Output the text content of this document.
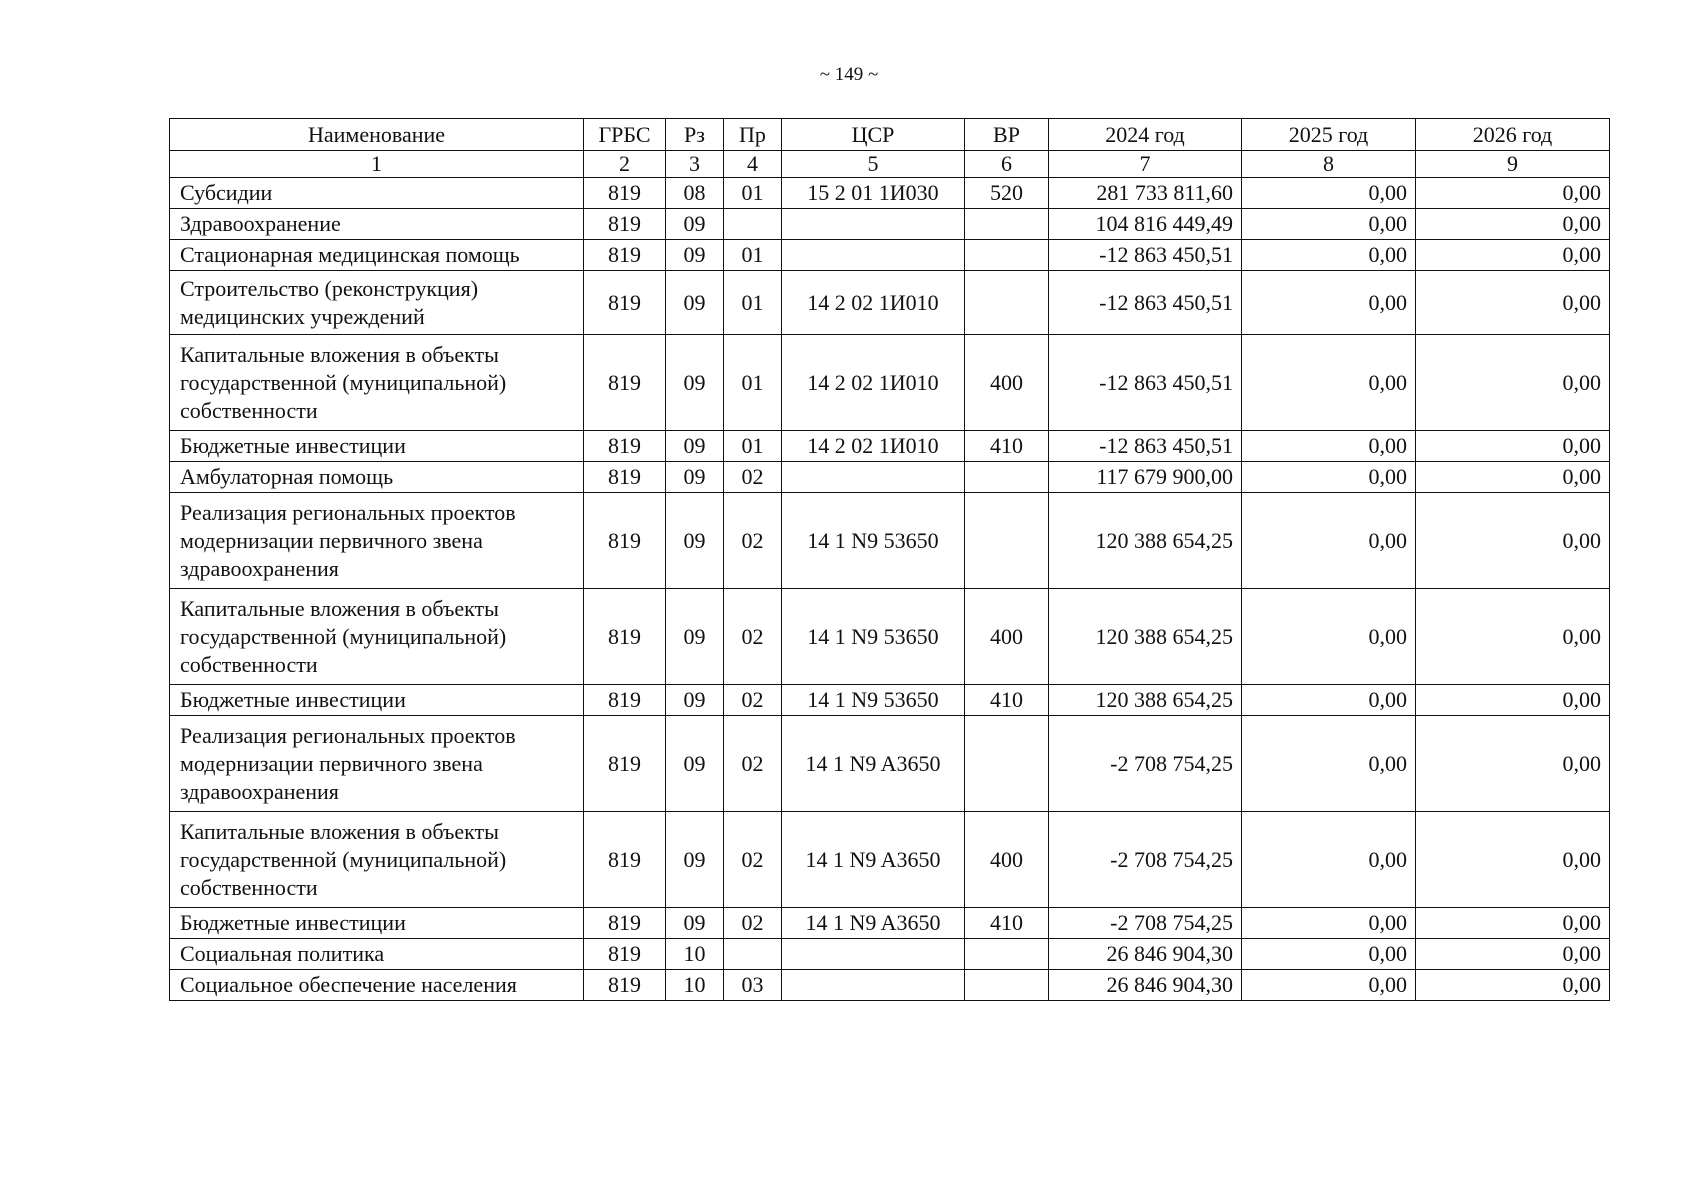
~ 149 ~
Наименование	ГРБС	Рз	Пр	ЦСР	ВР	2024 год	2025 год	2026 год
1	2	3	4	5	6	7	8	9
Субсидии	819	08	01	15 2 01 1И030	520	281 733 811,60	0,00	0,00
Здравоохранение	819	09				104 816 449,49	0,00	0,00
Стационарная медицинская помощь	819	09	01			-12 863 450,51	0,00	0,00
Строительство (реконструкция) медицинских учреждений	819	09	01	14 2 02 1И010		-12 863 450,51	0,00	0,00
Капитальные вложения в объекты государственной (муниципальной) собственности	819	09	01	14 2 02 1И010	400	-12 863 450,51	0,00	0,00
Бюджетные инвестиции	819	09	01	14 2 02 1И010	410	-12 863 450,51	0,00	0,00
Амбулаторная помощь	819	09	02			117 679 900,00	0,00	0,00
Реализация региональных проектов модернизации первичного звена здравоохранения	819	09	02	14 1 N9 53650		120 388 654,25	0,00	0,00
Капитальные вложения в объекты государственной (муниципальной) собственности	819	09	02	14 1 N9 53650	400	120 388 654,25	0,00	0,00
Бюджетные инвестиции	819	09	02	14 1 N9 53650	410	120 388 654,25	0,00	0,00
Реализация региональных проектов модернизации первичного звена здравоохранения	819	09	02	14 1 N9 A3650		-2 708 754,25	0,00	0,00
Капитальные вложения в объекты государственной (муниципальной) собственности	819	09	02	14 1 N9 A3650	400	-2 708 754,25	0,00	0,00
Бюджетные инвестиции	819	09	02	14 1 N9 A3650	410	-2 708 754,25	0,00	0,00
Социальная политика	819	10				26 846 904,30	0,00	0,00
Социальное обеспечение населения	819	10	03			26 846 904,30	0,00	0,00
